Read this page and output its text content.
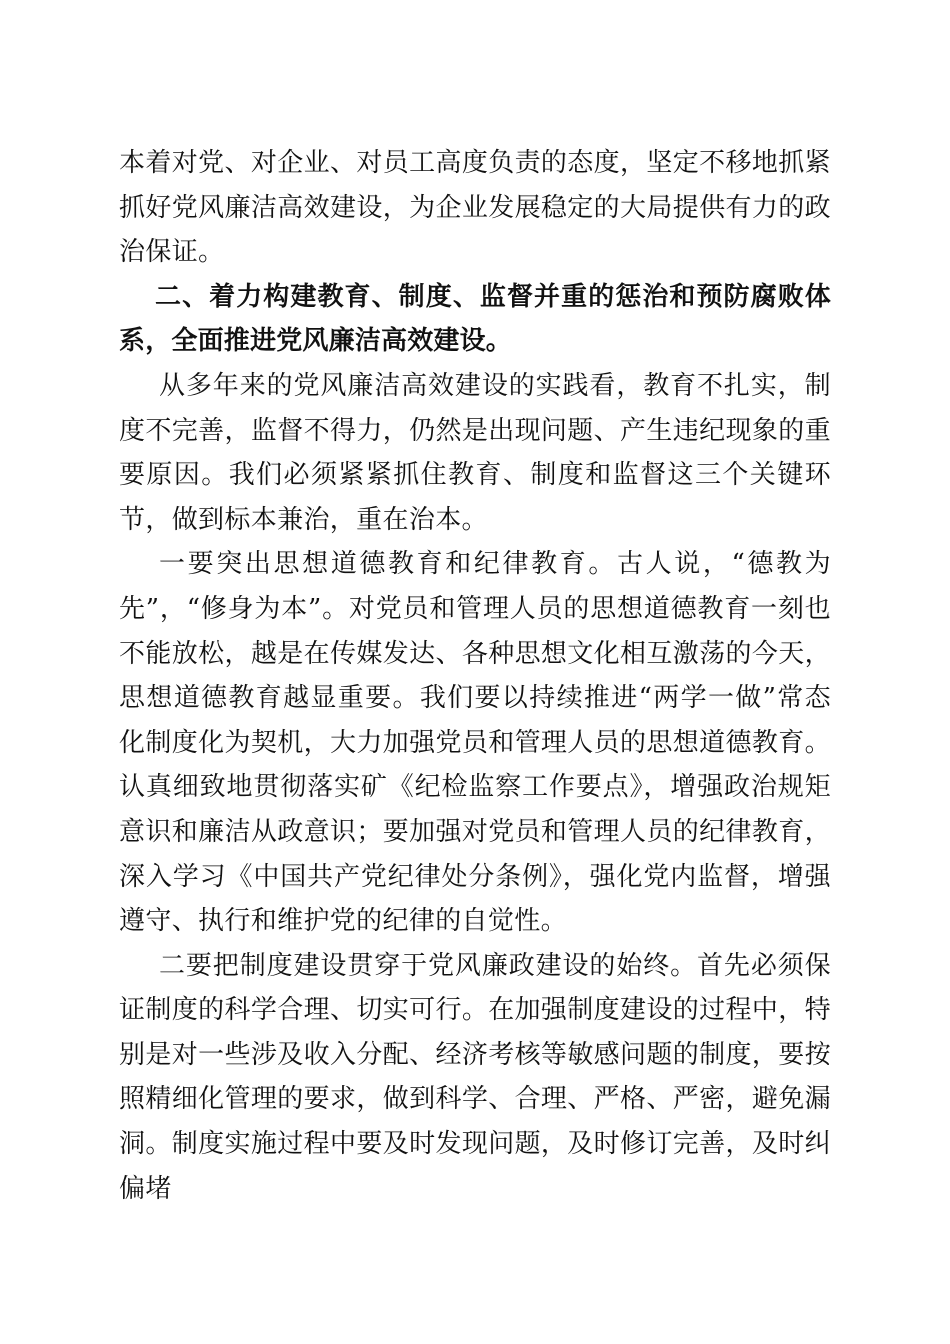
本着对党、对企业、对员工高度负责的态度，坚定不移地抓紧抓好党风廉洁高效建设，为企业发展稳定的大局提供有力的政治保证。

二、着力构建教育、制度、监督并重的惩治和预防腐败体系，全面推进党风廉洁高效建设。

从多年来的党风廉洁高效建设的实践看，教育不扎实，制度不完善，监督不得力，仍然是出现问题、产生违纪现象的重要原因。我们必须紧紧抓住教育、制度和监督这三个关键环节，做到标本兼治，重在治本。

一要突出思想道德教育和纪律教育。古人说，“德教为先”，“修身为本”。对党员和管理人员的思想道德教育一刻也不能放松，越是在传媒发达、各种思想文化相互激荡的今天，思想道德教育越显重要。我们要以持续推进“两学一做”常态化制度化为契机，大力加强党员和管理人员的思想道德教育。认真细致地贯彻落实矿《纪检监察工作要点》，增强政治规矩意识和廉洁从政意识；要加强对党员和管理人员的纪律教育，深入学习《中国共产党纪律处分条例》，强化党内监督，增强遵守、执行和维护党的纪律的自觉性。

二要把制度建设贯穿于党风廉政建设的始终。首先必须保证制度的科学合理、切实可行。在加强制度建设的过程中，特别是对一些涉及收入分配、经济考核等敏感问题的制度，要按照精细化管理的要求，做到科学、合理、严格、严密，避免漏洞。制度实施过程中要及时发现问题，及时修订完善，及时纠偏堵
